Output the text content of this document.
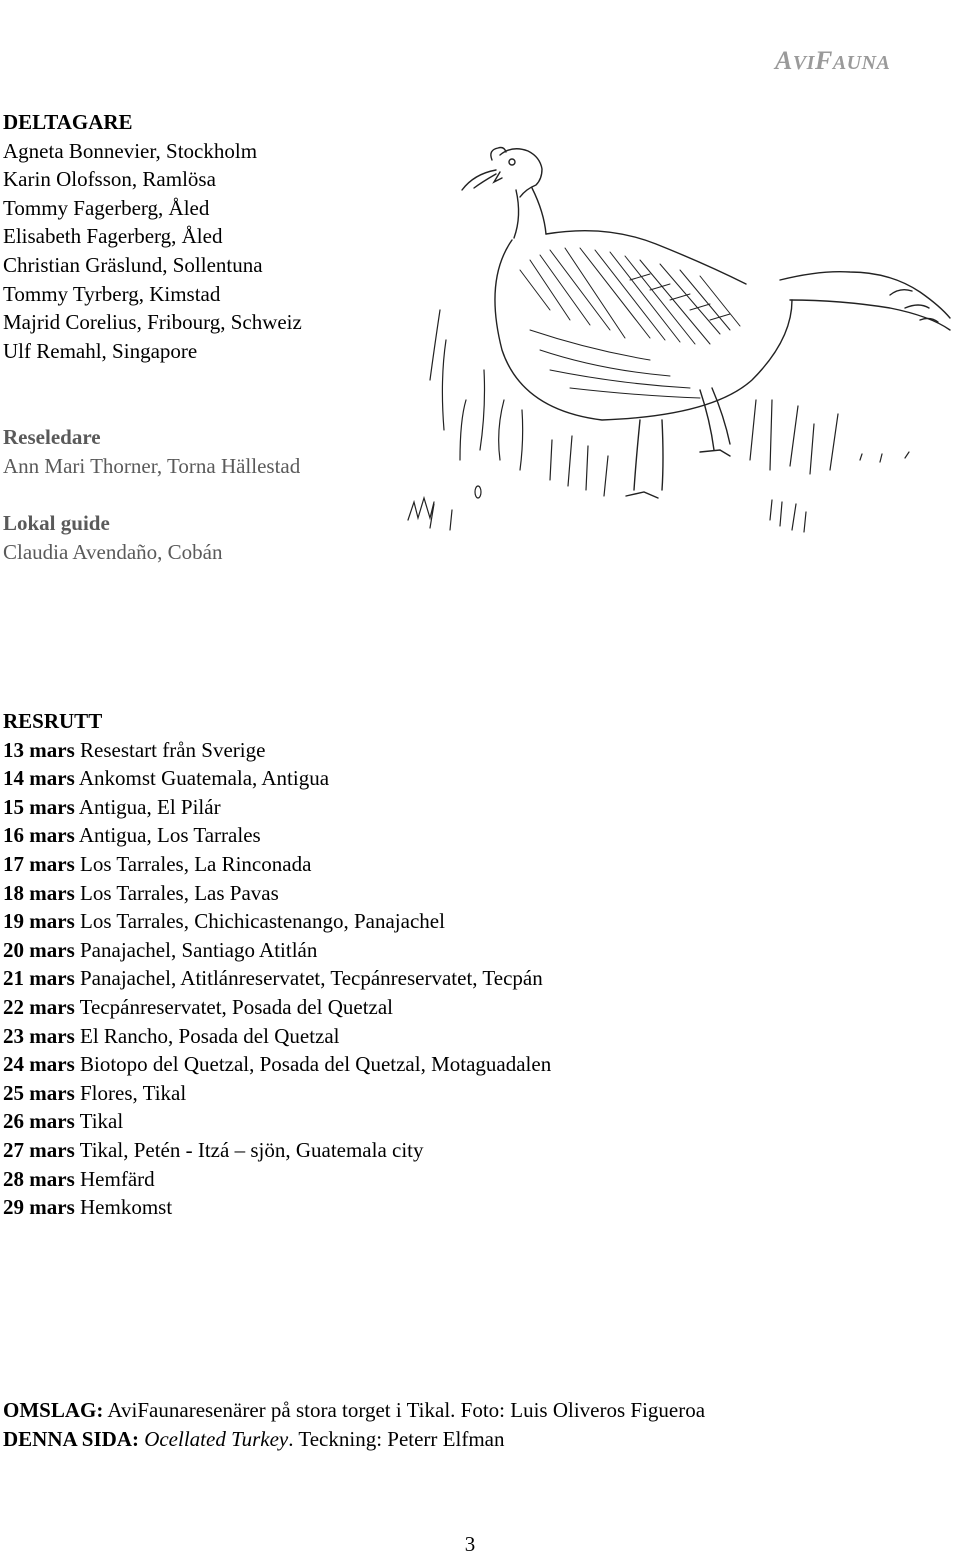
AVIFAUNA
DELTAGARE
Agneta Bonnevier, Stockholm
Karin Olofsson, Ramlösa
Tommy Fagerberg, Åled
Elisabeth Fagerberg, Åled
Christian Gräslund, Sollentuna
Tommy Tyrberg, Kimstad
Majrid Corelius, Fribourg, Schweiz
Ulf Remahl, Singapore
Reseledare
Ann Mari Thorner, Torna Hällestad
Lokal guide
Claudia Avendaño, Cobán
RESRUTT
13 mars Resestart från Sverige
14 mars Ankomst Guatemala, Antigua
15 mars Antigua, El Pilár
16 mars Antigua, Los Tarrales
17 mars Los Tarrales, La Rinconada
18 mars Los Tarrales, Las Pavas
19 mars Los Tarrales, Chichicastenango, Panajachel
20 mars Panajachel, Santiago Atitlán
21 mars Panajachel, Atitlánreservatet, Tecpánreservatet, Tecpán
22 mars Tecpánreservatet, Posada del Quetzal
23 mars El Rancho, Posada del Quetzal
24 mars Biotopo del Quetzal, Posada del Quetzal, Motaguadalen
25 mars Flores, Tikal
26 mars Tikal
27 mars Tikal, Petén - Itzá – sjön, Guatemala city
28 mars Hemfärd
29 mars Hemkomst
OMSLAG: AviFaunaresenärer på stora torget i Tikal. Foto: Luis Oliveros Figueroa
DENNA SIDA: Ocellated Turkey. Teckning: Peterr Elfman
3
